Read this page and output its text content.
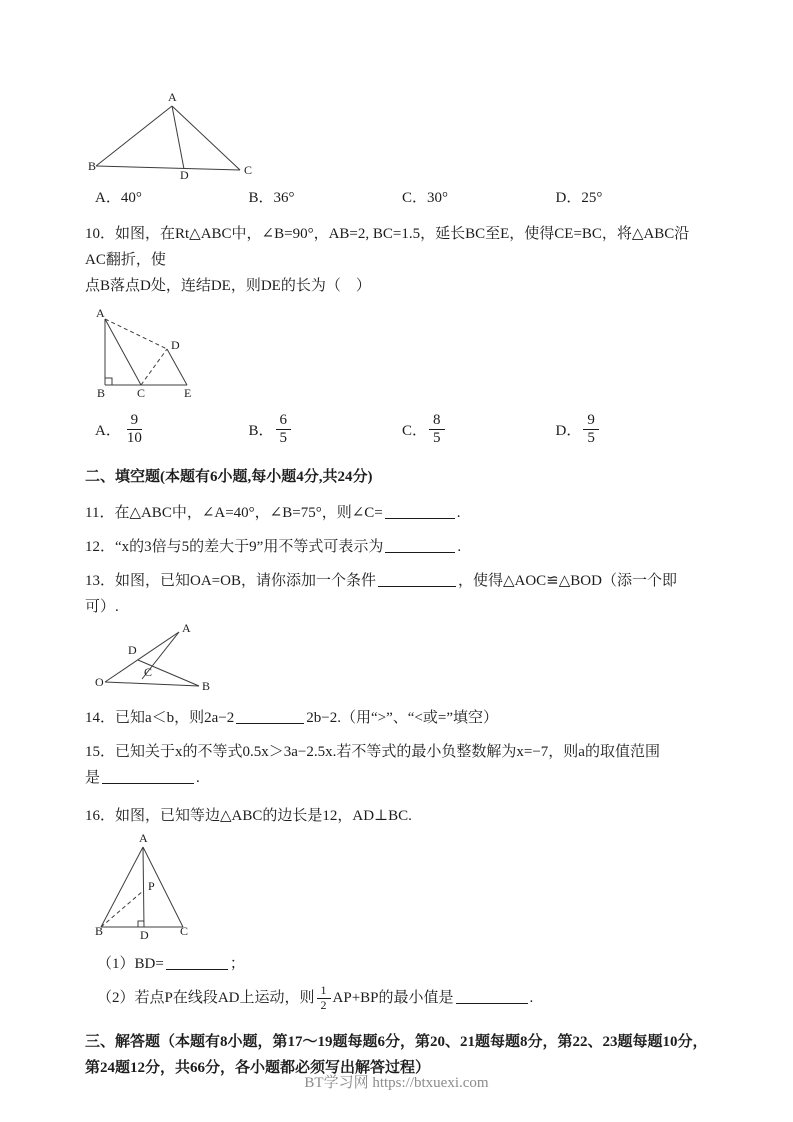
A
B	C
D
A．40°	B．36°	C．30°	D．25°

10．如图，在Rt△ABC中，∠B=90°，AB=2, BC=1.5，延长BC至E，使得CE=BC，将△ABC沿AC翻折，使
点B落点D处，连结DE，则DE的长为（　）

A
B	C	E
D
A． $\frac{9}{10}$	B． $\frac{6}{5}$	C． $\frac{8}{5}$	D． $\frac{9}{5}$

二、填空题(本题有6小题,每小题4分,共24分)

11．在△ABC中，∠A=40°，∠B=75°，则∠C=	.

12．“x的3倍与5的差大于9”用不等式可表示为	.

13．如图，已知OA=OB，请你添加一个条件	，使得△AOC≌△BOD（添一个即可）.

O
A
B
D
C

14．已知a＜b，则2a−2	2b−2.（用“>”、“<或=”填空）

15．已知关于x的不等式0.5x＞3a−2.5x.若不等式的最小负整数解为x=−7，则a的取值范围
是	.

16．如图，已知等边△ABC的边长是12，AD⊥BC.

A
B	C
D
P

（1）BD=	；

（2）若点P在线段AD上运动，则 $\frac{1}{2} AP+BP$的最小值是	.

三、解答题（本题有8小题，第17～19题每题6分，第20、21题每题8分，第22、23题每题10分，第24题12分，共66分，各小题都必须写出解答过程）

BT学习网 https://btxuexi.com
